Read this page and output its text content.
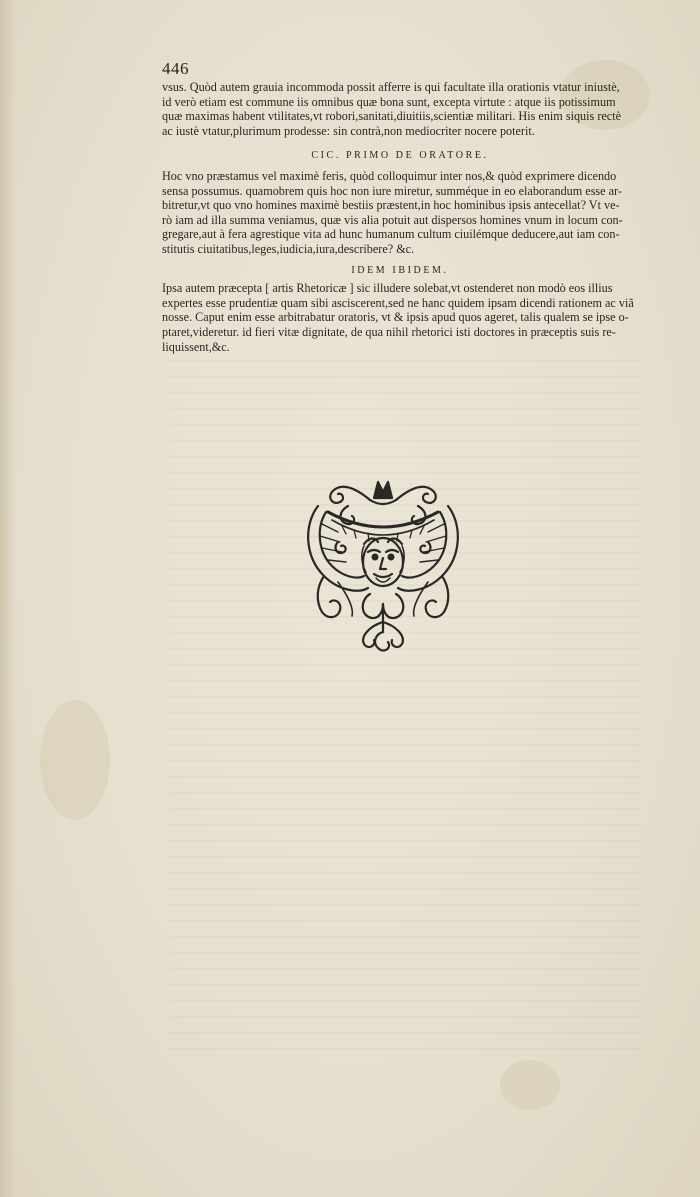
446

vsus. Quòd autem grauia incommoda possit afferre is qui facultate illa orationis vtatur iniustè,
id verò etiam est commune iis omnibus quæ bona sunt, excepta virtute : atque iis potissimum
quæ maximas habent vtilitates,vt robori,sanitati,diuitiis,scientiæ militari. His enim siquis rectè
ac iustè vtatur,plurimum prodesse: sin contrà,non mediocriter nocere poterit.

CIC. PRIMO DE ORATORE.

Hoc vno præstamus vel maximè feris, quòd colloquimur inter nos,& quòd exprimere dicendo
sensa possumus. quamobrem quis hoc non iure miretur, summéque in eo elaborandum esse ar-
bitretur,vt quo vno homines maximè bestiis præstent,in hoc hominibus ipsis antecellat? Vt ve-
rò iam ad illa summa veniamus, quæ vis alia potuit aut dispersos homines vnum in locum con-
gregare,aut à fera agrestique vita ad hunc humanum cultum ciuilémque deducere,aut iam con-
stitutis ciuitatibus,leges,iudicia,iura,describere? &c.

IDEM IBIDEM.

Ipsa autem præcepta [ artis Rhetoricæ ] sic illudere solebat,vt ostenderet non modò eos illius
expertes esse prudentiæ quam sibi asciscerent,sed ne hanc quidem ipsam dicendi rationem ac viã
nosse. Caput enim esse arbitrabatur oratoris, vt & ipsis apud quos ageret, talis qualem se ipse o-
ptaret,videretur. id fieri vitæ dignitate, de qua nihil rhetorici isti doctores in præceptis suis re-
liquissent,&c.
